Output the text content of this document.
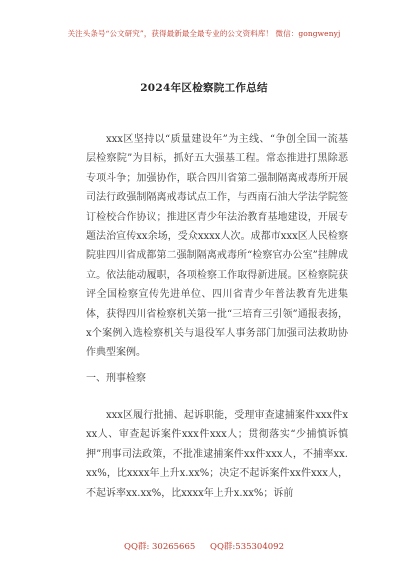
关注头条号“公文研究”，获得最新最全最专业的公文资料库！ 微信：gongwenyj
2024年区检察院工作总结
xxx区坚持以“质量建设年”为主线、“争创全国一流基层检察院”为目标，抓好五大强基工程。常态推进打黑除恶专项斗争；加强协作，联合四川省第二强制隔离戒毒所开展司法行政强制隔离戒毒试点工作，与西南石油大学法学院签订检校合作协议；推进区青少年法治教育基地建设，开展专题法治宣传xx余场，受众xxxx人次。成都市xxx区人民检察院驻四川省成都第二强制隔离戒毒所“检察官办公室”挂牌成立。依法能动履职，各项检察工作取得新进展。区检察院获评全国检察宣传先进单位、四川省青少年普法教育先进集体，获得四川省检察机关第一批“三培育三引领”通报表扬，x个案例入选检察机关与退役军人事务部门加强司法救助协作典型案例。
一、刑事检察
xxx区履行批捕、起诉职能，受理审查逮捕案件xxx件xxx人、审查起诉案件xxx件xxx人；贯彻落实“少捕慎诉慎押”刑事司法政策，不批准逮捕案件xx件xxx人，不捕率xx.xx%，比xxxx年上升x.xx%；决定不起诉案件xx件xxx人，不起诉率xx.xx%，比xxxx年上升x.xx%；诉前
QQ群: 30265665 QQ群:535304092
